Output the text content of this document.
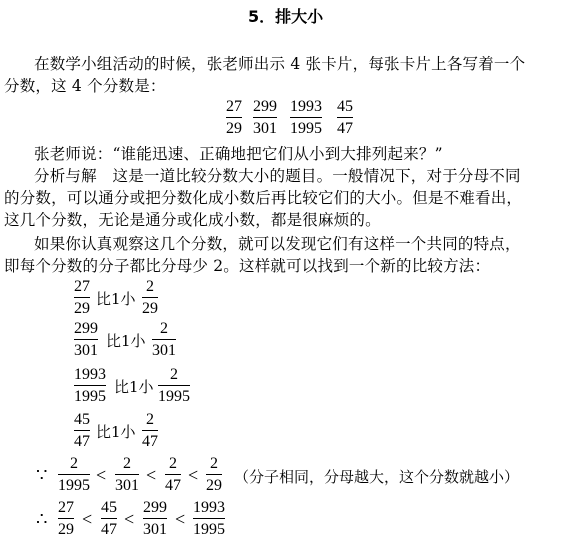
5．排大小
在数学小组活动的时候，张老师出示 4 张卡片，每张卡片上各写着一个
分数，这 4 个分数是：
27
29
299
301
1993
1995
45
47
张老师说：“谁能迅速、正确地把它们从小到大排列起来？”
分析与解　这是一道比较分数大小的题目。一般情况下，对于分母不同
的分数，可以通分或把分数化成小数后再比较它们的大小。但是不难看出，
这几个分数，无论是通分或化成小数，都是很麻烦的。
如果你认真观察这几个分数，就可以发现它们有这样一个共同的特点，
即每个分数的分子都比分母少 2。这样就可以找到一个新的比较方法：
27
29
比1小
2
29
299
301
比1小
2
301
1993
1995
比1小
2
1995
45
47
比1小
2
47
∵
2
1995
<
2
301
<
2
47
<
2
29 （分子相同，分母越大，这个分数就越小）
∴
27
29
<
45
47
<
299
301
<
1993
1995
